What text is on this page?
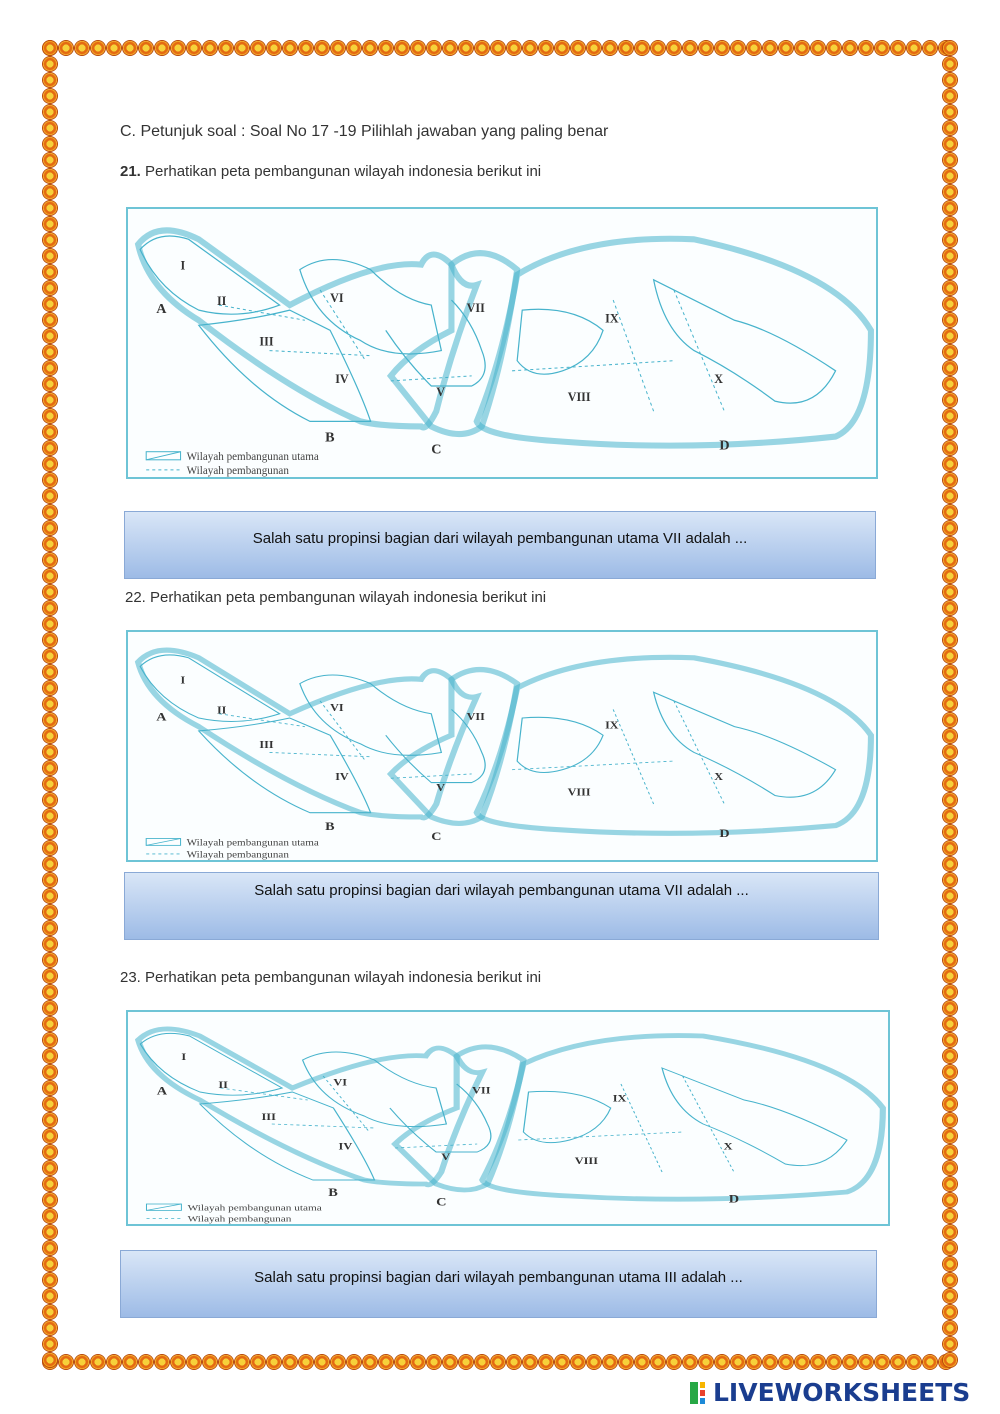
C. Petunjuk soal : Soal No 17 -19 Pilihlah jawaban yang paling benar
21. Perhatikan peta pembangunan wilayah indonesia berikut ini
I
II
III
IV
V
VI
VII
VIII
IX
X
A
B
C	D
Wilayah pembangunan utama
Wilayah pembangunan
Salah satu propinsi bagian dari wilayah pembangunan utama VII adalah ...
22. Perhatikan peta pembangunan wilayah indonesia berikut ini
I
II
III
IV
V
VI
VII
VIII
IX
X
A
B
C	D
Wilayah pembangunan utama
Wilayah pembangunan
Salah satu propinsi bagian dari wilayah pembangunan utama VII adalah ...
23. Perhatikan peta pembangunan wilayah indonesia berikut ini
I
II
III
IV
V
VI
VII
VIII
IX
X
A
B
C	D
Wilayah pembangunan utama
Wilayah pembangunan
Salah satu propinsi bagian dari wilayah pembangunan utama III adalah ...
LIVEWORKSHEETS
